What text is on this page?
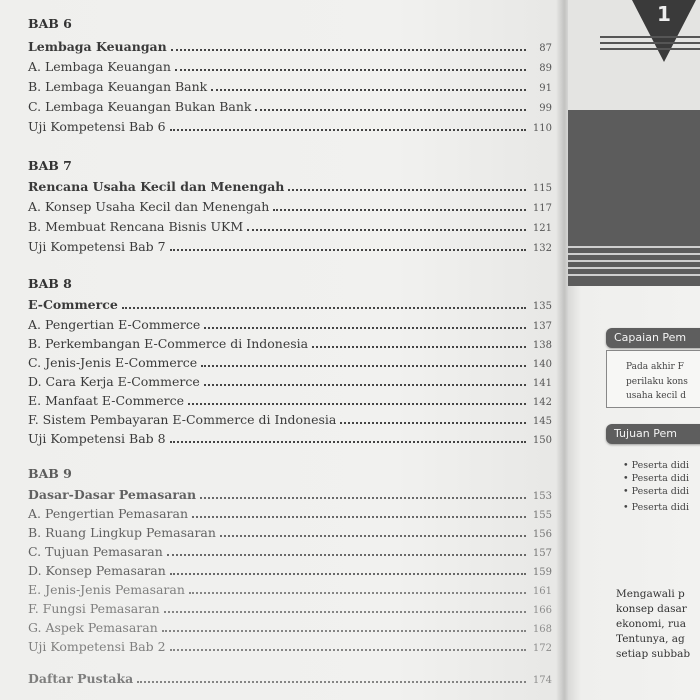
BAB 6
Lembaga Keuangan	87
A. Lembaga Keuangan	89
B. Lembaga Keuangan Bank	91
C. Lembaga Keuangan Bukan Bank	99
Uji Kompetensi Bab 6	110
BAB 7
Rencana Usaha Kecil dan Menengah	115
A. Konsep Usaha Kecil dan Menengah	117
B. Membuat Rencana Bisnis UKM	121
Uji Kompetensi Bab 7	132
BAB 8
E-Commerce	135
A. Pengertian E-Commerce	137
B. Perkembangan E-Commerce di Indonesia	138
C. Jenis-Jenis E-Commerce	140
D. Cara Kerja E-Commerce	141
E. Manfaat E-Commerce	142
F. Sistem Pembayaran E-Commerce di Indonesia	145
Uji Kompetensi Bab 8	150
BAB 9
Dasar-Dasar Pemasaran	153
A. Pengertian Pemasaran	155
B. Ruang Lingkup Pemasaran	156
C. Tujuan Pemasaran	157
D. Konsep Pemasaran	159
E. Jenis-Jenis Pemasaran	161
F. Fungsi Pemasaran	166
G. Aspek Pemasaran	168
Uji Kompetensi Bab 2	172
Daftar Pustaka	174
1
Capaian Pem
Pada akhir F
perilaku kons
usaha kecil d
Tujuan Pem
• Peserta didi
• Peserta didi
• Peserta didi
• Peserta didi
Mengawali p
konsep dasar
ekonomi, rua
Tentunya, ag
setiap subbab
